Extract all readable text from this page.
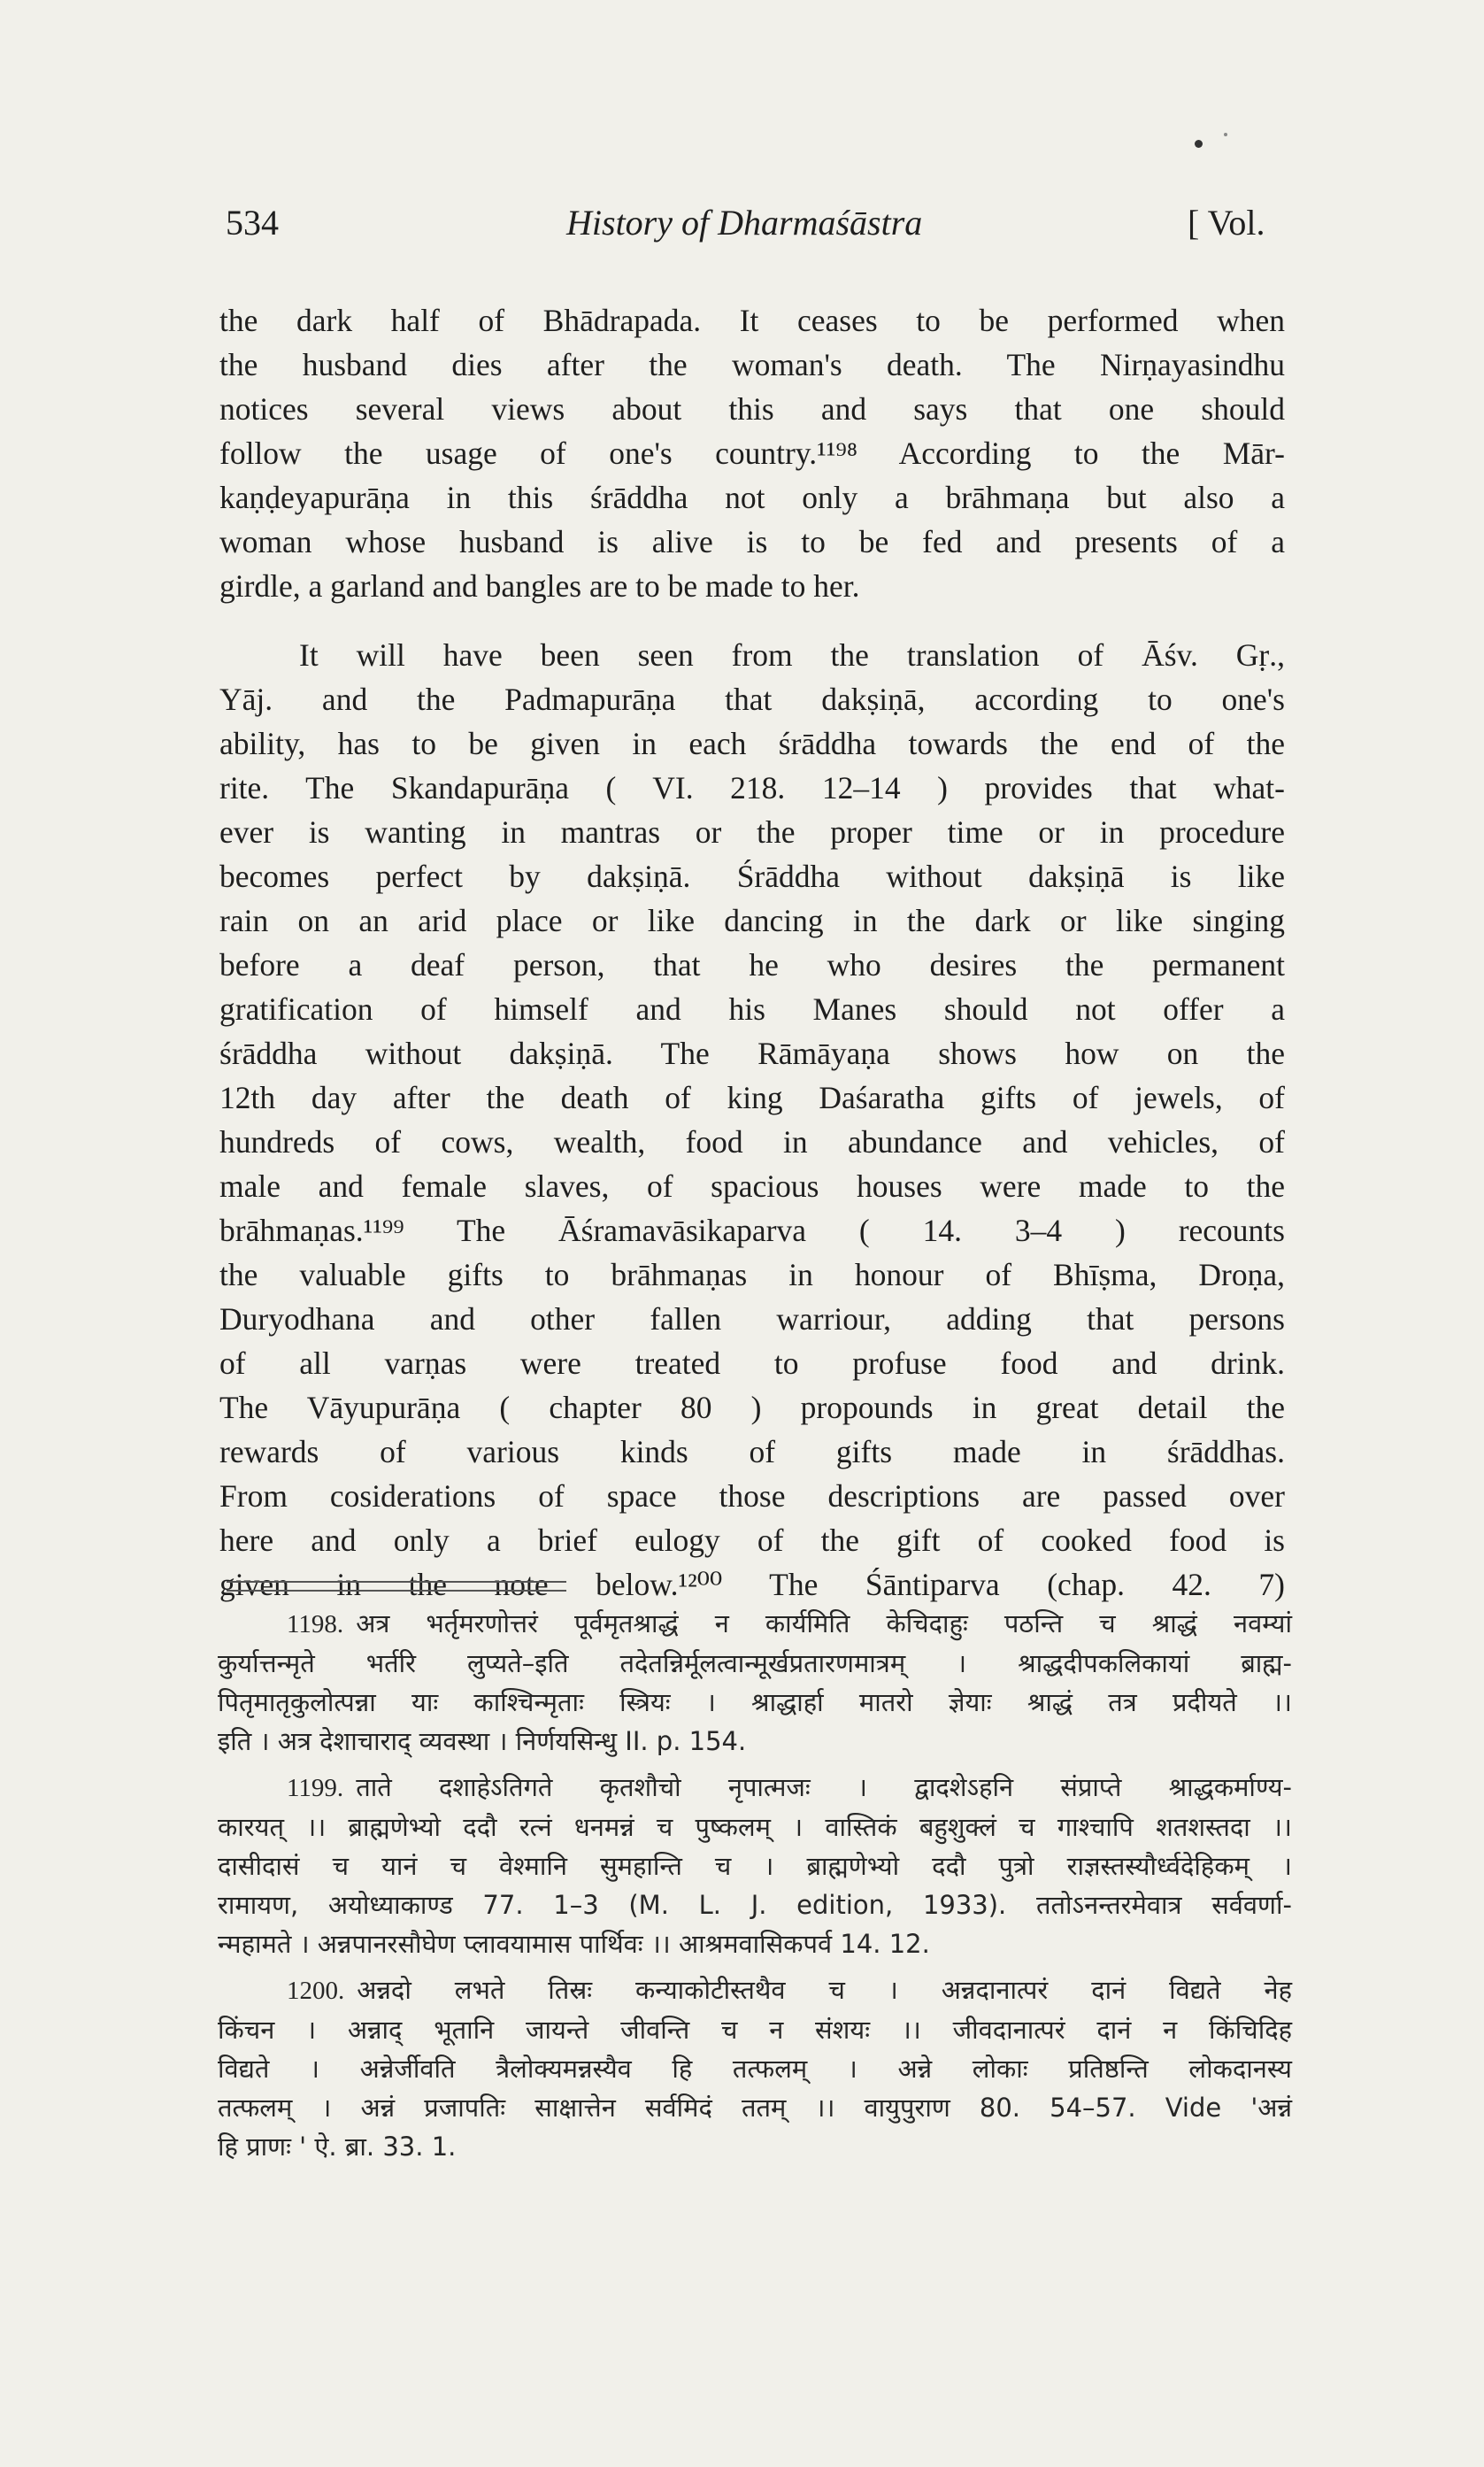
534	History of Dharmaśāstra	[ Vol.
the dark half of Bhādrapada. It ceases to be performed when
the husband dies after the woman's death. The Nirṇayasindhu
notices several views about this and says that one should
follow the usage of one's country.¹¹⁹⁸ According to the Mār-
kaṇḍeyapurāṇa in this śrāddha not only a brāhmaṇa but also a
woman whose husband is alive is to be fed and presents of a
girdle, a garland and bangles are to be made to her.
It will have been seen from the translation of Āśv. Gṛ.,
Yāj. and the Padmapurāṇa that dakṣiṇā, according to one's
ability, has to be given in each śrāddha towards the end of the
rite. The Skandapurāṇa ( VI. 218. 12–14 ) provides that what-
ever is wanting in mantras or the proper time or in procedure
becomes perfect by dakṣiṇā. Śrāddha without dakṣiṇā is like
rain on an arid place or like dancing in the dark or like singing
before a deaf person, that he who desires the permanent
gratification of himself and his Manes should not offer a
śrāddha without dakṣiṇā. The Rāmāyaṇa shows how on the
12th day after the death of king Daśaratha gifts of jewels, of
hundreds of cows, wealth, food in abundance and vehicles, of
male and female slaves, of spacious houses were made to the
brāhmaṇas.¹¹⁹⁹ The Āśramavāsikaparva ( 14. 3–4 ) recounts
the valuable gifts to brāhmaṇas in honour of Bhīṣma, Droṇa,
Duryodhana and other fallen warriour, adding that persons
of all varṇas were treated to profuse food and drink.
The Vāyupurāṇa ( chapter 80 ) propounds in great detail the
rewards of various kinds of gifts made in śrāddhas.
From cosiderations of space those descriptions are passed over
here and only a brief eulogy of the gift of cooked food is
given in the note below.¹²⁰⁰ The Śāntiparva (chap. 42. 7)
1198. अत्र भर्तृमरणोत्तरं पूर्वमृतश्राद्धं न कार्यमिति केचिदाहुः पठन्ति च श्राद्धं नवम्यां
कुर्यात्तन्मृते भर्तरि लुप्यते–इति तदेतन्निर्मूलत्वान्मूर्खप्रतारणमात्रम् । श्राद्धदीपकलिकायां ब्राह्म-
पितृमातृकुलोत्पन्ना याः काश्चिन्मृताः स्त्रियः । श्राद्धार्हा मातरो ज्ञेयाः श्राद्धं तत्र प्रदीयते ।।
इति । अत्र देशाचाराद् व्यवस्था । निर्णयसिन्धु II. p. 154.
1199. ताते दशाहेऽतिगते कृतशौचो नृपात्मजः । द्वादशेऽहनि संप्राप्ते श्राद्धकर्माण्य-
कारयत् ।। ब्राह्मणेभ्यो ददौ रत्नं धनमन्नं च पुष्कलम् । वास्तिकं बहुशुक्लं च गाश्चापि शतशस्तदा ।।
दासीदासं च यानं च वेश्मानि सुमहान्ति च । ब्राह्मणेभ्यो ददौ पुत्रो राज्ञस्तस्यौर्ध्वदेहिकम् ।
रामायण, अयोध्याकाण्ड 77. 1–3 (M. L. J. edition, 1933). ततोऽनन्तरमेवात्र सर्ववर्णा-
न्महामते । अन्नपानरसौघेण प्लावयामास पार्थिवः ।। आश्रमवासिकपर्व 14. 12.
1200. अन्नदो लभते तिस्रः कन्याकोटीस्तथैव च । अन्नदानात्परं दानं विद्यते नेह
किंचन । अन्नाद् भूतानि जायन्ते जीवन्ति च न संशयः ।। जीवदानात्परं दानं न किंचिदिह
विद्यते । अन्नेर्जीवति त्रैलोक्यमन्नस्यैव हि तत्फलम् । अन्ने लोकाः प्रतिष्ठन्ति लोकदानस्य
तत्फलम् । अन्नं प्रजापतिः साक्षात्तेन सर्वमिदं ततम् ।। वायुपुराण 80. 54–57. Vide 'अन्नं
हि प्राणः ' ऐ. ब्रा. 33. 1.
